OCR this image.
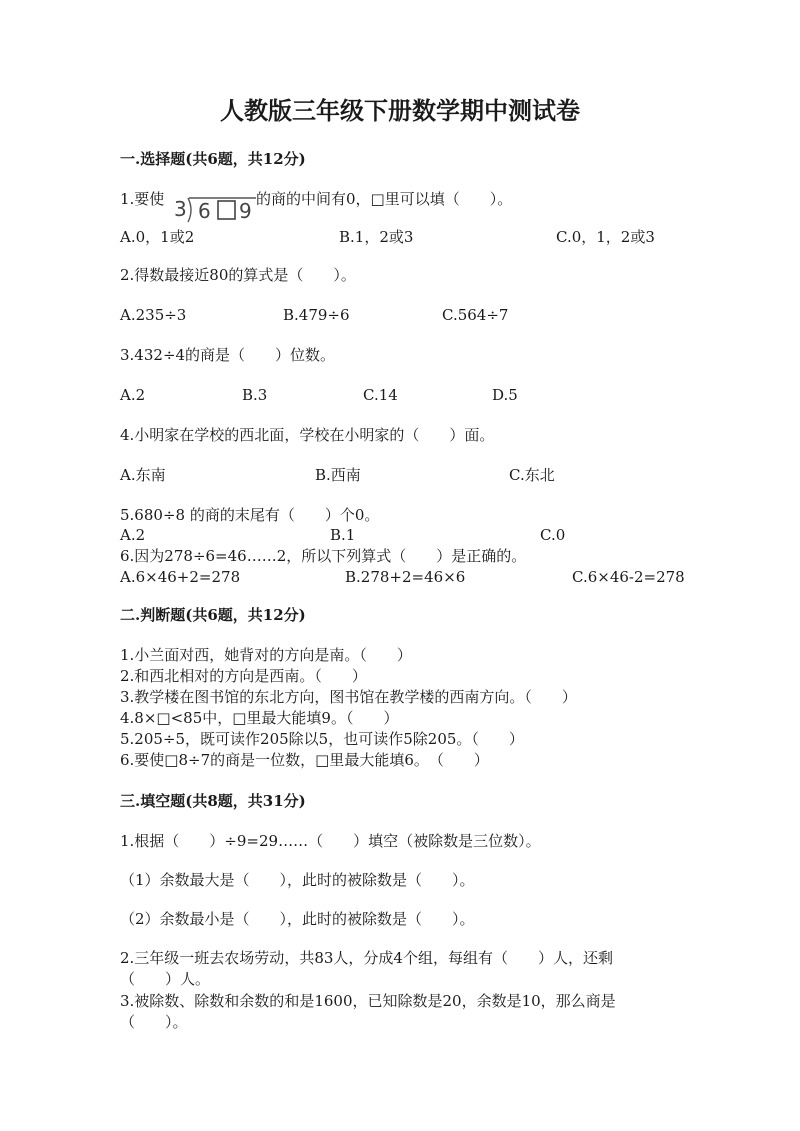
人教版三年级下册数学期中测试卷
一.选择题(共6题，共12分)
1.要使 3 6 9 的商的中间有0，□里可以填（　　）。
A.0，1或2	B.1，2或3	C.0，1，2或3
2.得数最接近80的算式是（　　）。
A.235÷3	B.479÷6	C.564÷7
3.432÷4的商是（　　）位数。
A.2	B.3	C.14	D.5
4.小明家在学校的西北面，学校在小明家的（　　）面。
A.东南	B.西南	C.东北
5.680÷8 的商的末尾有（　　）个0。
A.2	B.1	C.0
6.因为278÷6=46……2，所以下列算式（　　）是正确的。
A.6×46+2=278	B.278+2=46×6	C.6×46-2=278
二.判断题(共6题，共12分)
1.小兰面对西，她背对的方向是南。（　　）
2.和西北相对的方向是西南。（　　）
3.教学楼在图书馆的东北方向，图书馆在教学楼的西南方向。（　　）
4.8×□<85中，□里最大能填9。（　　）
5.205÷5，既可读作205除以5，也可读作5除205。（　　）
6.要使□8÷7的商是一位数，□里最大能填6。　（　　）
三.填空题(共8题，共31分)
1.根据（　　）÷9=29……（　　）填空（被除数是三位数）。
（1）余数最大是（　　），此时的被除数是（　　）。
（2）余数最小是（　　），此时的被除数是（　　）。
2.三年级一班去农场劳动，共83人，分成4个组，每组有（　　）人，还剩
（　　）人。
3.被除数、除数和余数的和是1600，已知除数是20，余数是10，那么商是
（　　）。
